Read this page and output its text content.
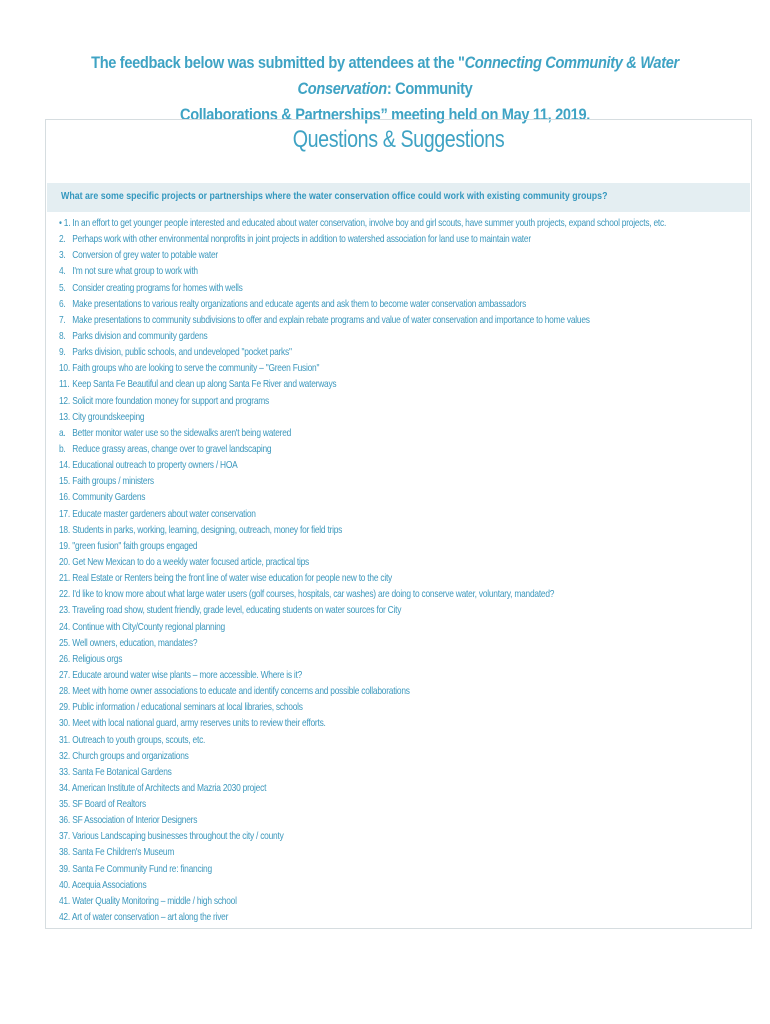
The feedback below was submitted by attendees at the "Connecting Community & Water Conservation: Community
Collaborations & Partnerships” meeting held on May 11, 2019.
Questions & Suggestions
What are some specific projects or partnerships where the water conservation office could work with existing community groups?
• 1. In an effort to get younger people interested and educated about water conservation, involve boy and girl scouts, have summer youth projects, expand school projects, etc.
2. Perhaps work with other environmental nonprofits in joint projects in addition to watershed association for land use to maintain water
3. Conversion of grey water to potable water
4. I'm not sure what group to work with
5. Consider creating programs for homes with wells
6. Make presentations to various realty organizations and educate agents and ask them to become water conservation ambassadors
7. Make presentations to community subdivisions to offer and explain rebate programs and value of water conservation and importance to home values
8. Parks division and community gardens
9. Parks division, public schools, and undeveloped "pocket parks"
10. Faith groups who are looking to serve the community – "Green Fusion"
11. Keep Santa Fe Beautiful and clean up along Santa Fe River and waterways
12. Solicit more foundation money for support and programs
13. City groundskeeping
a. Better monitor water use so the sidewalks aren't being watered
b. Reduce grassy areas, change over to gravel landscaping
14. Educational outreach to property owners / HOA
15. Faith groups / ministers
16. Community Gardens
17. Educate master gardeners about water conservation
18. Students in parks, working, learning, designing, outreach, money for field trips
19. "green fusion" faith groups engaged
20. Get New Mexican to do a weekly water focused article, practical tips
21. Real Estate or Renters being the front line of water wise education for people new to the city
22. I'd like to know more about what large water users (golf courses, hospitals, car washes) are doing to conserve water, voluntary, mandated?
23. Traveling road show, student friendly, grade level, educating students on water sources for City
24. Continue with City/County regional planning
25. Well owners, education, mandates?
26. Religious orgs
27. Educate around water wise plants – more accessible. Where is it?
28. Meet with home owner associations to educate and identify concerns and possible collaborations
29. Public information / educational seminars at local libraries, schools
30. Meet with local national guard, army reserves units to review their efforts.
31. Outreach to youth groups, scouts, etc.
32. Church groups and organizations
33. Santa Fe Botanical Gardens
34. American Institute of Architects and Mazria 2030 project
35. SF Board of Realtors
36. SF Association of Interior Designers
37. Various Landscaping businesses throughout the city / county
38. Santa Fe Children's Museum
39. Santa Fe Community Fund re: financing
40. Acequia Associations
41. Water Quality Monitoring – middle / high school
42. Art of water conservation – art along the river
